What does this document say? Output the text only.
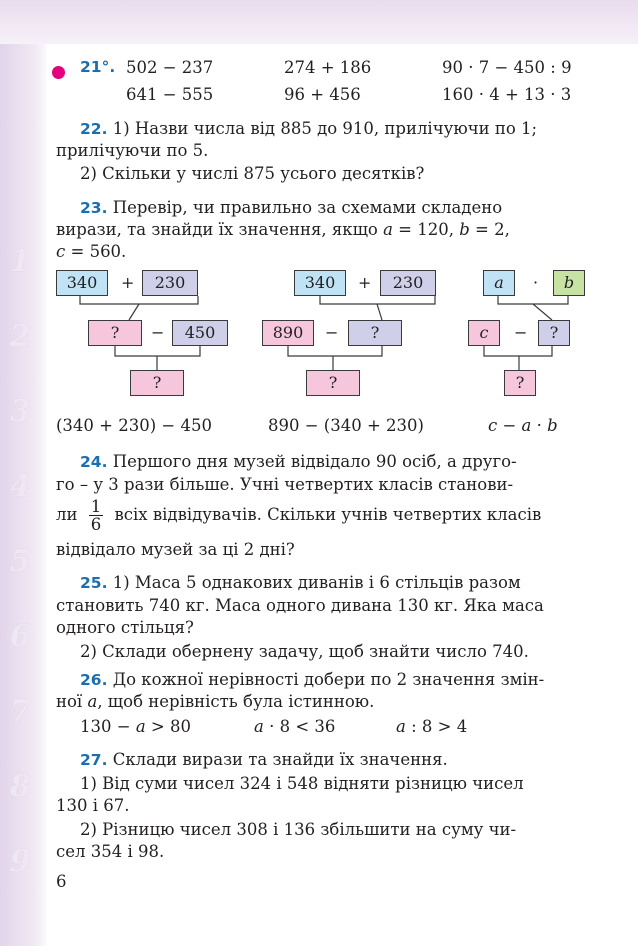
1
2
3
4
5
6
7
8
9
21°. 502 − 237	274 + 186	90 · 7 − 450 : 9
641 − 555	96 + 456	160 · 4 + 13 · 3
22. 1) Назви числа від 885 до 910, прилічуючи по 1;
прилічуючи по 5.
2) Скільки у числі 875 усього десятків?
23. Перевір, чи правильно за схемами складено
вирази, та знайди їх значення, якщо a = 120, b = 2,
c = 560.
340	+	230
?	−	450
?
(340 + 230) − 450
340	+	230
890	−	?
?
890 − (340 + 230)
a	·	b
c	−	?
?
c − a · b
24. Першого дня музей відвідало 90 осіб, а друго-
го – у 3 рази більше. Учні четвертих класів станови-
ли $\frac{1}{6}$ всіх відвідувачів. Скільки учнів четвертих класів
відвідало музей за ці 2 дні?
25. 1) Маса 5 однакових диванів і 6 стільців разом
становить 740 кг. Маса одного дивана 130 кг. Яка маса
одного стільця?
2) Склади обернену задачу, щоб знайти число 740.
26. До кожної нерівності добери по 2 значення змін-
ної a, щоб нерівність була істинною.
130 − a > 80	a · 8 < 36	a : 8 > 4
27. Склади вирази та знайди їх значення.
1) Від суми чисел 324 і 548 відняти різницю чисел
130 і 67.
2) Різницю чисел 308 і 136 збільшити на суму чи-
сел 354 і 98.
6
